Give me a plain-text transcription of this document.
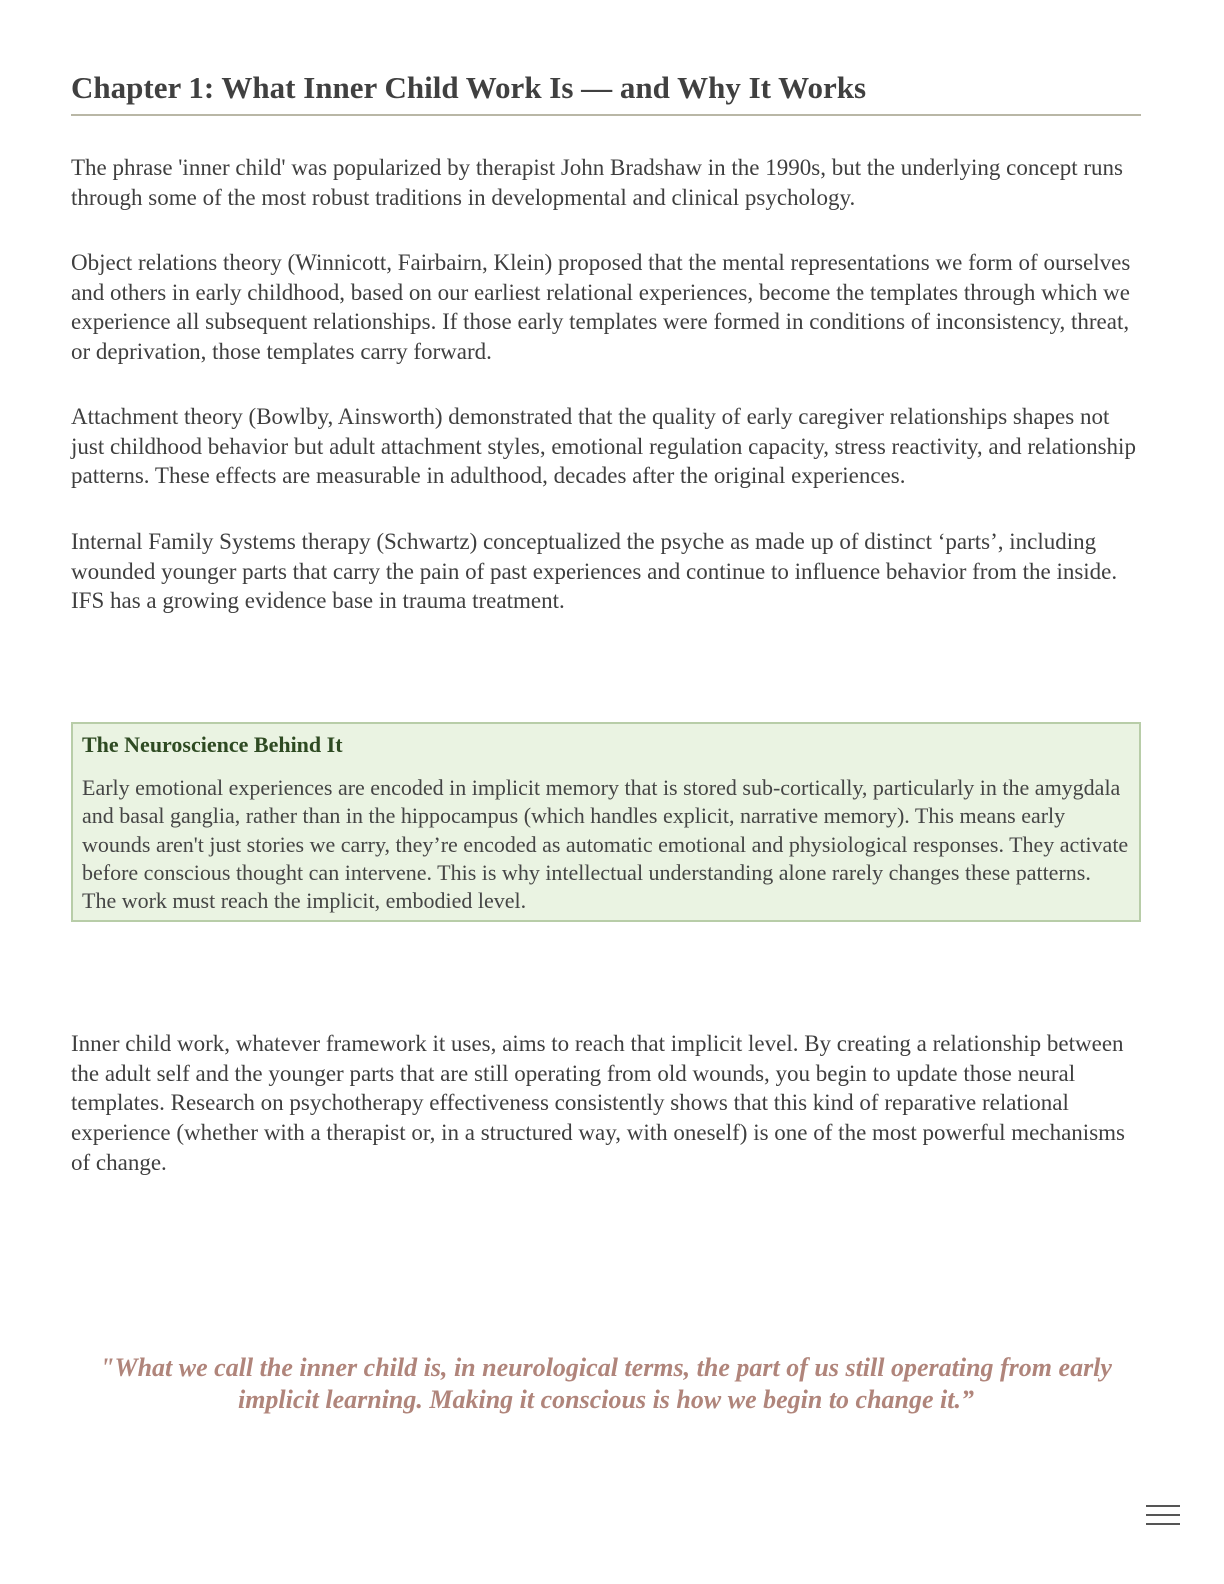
Chapter 1: What Inner Child Work Is — and Why It Works

The phrase 'inner child' was popularized by therapist John Bradshaw in the 1990s, but the underlying concept runs through some of the most robust traditions in developmental and clinical psychology.

Object relations theory (Winnicott, Fairbairn, Klein) proposed that the mental representations we form of ourselves and others in early childhood, based on our earliest relational experiences, become the templates through which we experience all subsequent relationships. If those early templates were formed in conditions of inconsistency, threat, or deprivation, those templates carry forward.

Attachment theory (Bowlby, Ainsworth) demonstrated that the quality of early caregiver relationships shapes not just childhood behavior but adult attachment styles, emotional regulation capacity, stress reactivity, and relationship patterns. These effects are measurable in adulthood, decades after the original experiences.

Internal Family Systems therapy (Schwartz) conceptualized the psyche as made up of distinct ‘parts’, including wounded younger parts that carry the pain of past experiences and continue to influence behavior from the inside. IFS has a growing evidence base in trauma treatment.

The Neuroscience Behind It

Early emotional experiences are encoded in implicit memory that is stored sub-cortically, particularly in the amygdala and basal ganglia, rather than in the hippocampus (which handles explicit, narrative memory). This means early wounds aren't just stories we carry, they’re encoded as automatic emotional and physiological responses. They activate before conscious thought can intervene. This is why intellectual understanding alone rarely changes these patterns. The work must reach the implicit, embodied level.

Inner child work, whatever framework it uses, aims to reach that implicit level. By creating a relationship between the adult self and the younger parts that are still operating from old wounds, you begin to update those neural templates. Research on psychotherapy effectiveness consistently shows that this kind of reparative relational experience (whether with a therapist or, in a structured way, with oneself) is one of the most powerful mechanisms of change.

"What we call the inner child is, in neurological terms, the part of us still operating from early implicit learning. Making it conscious is how we begin to change it.”
